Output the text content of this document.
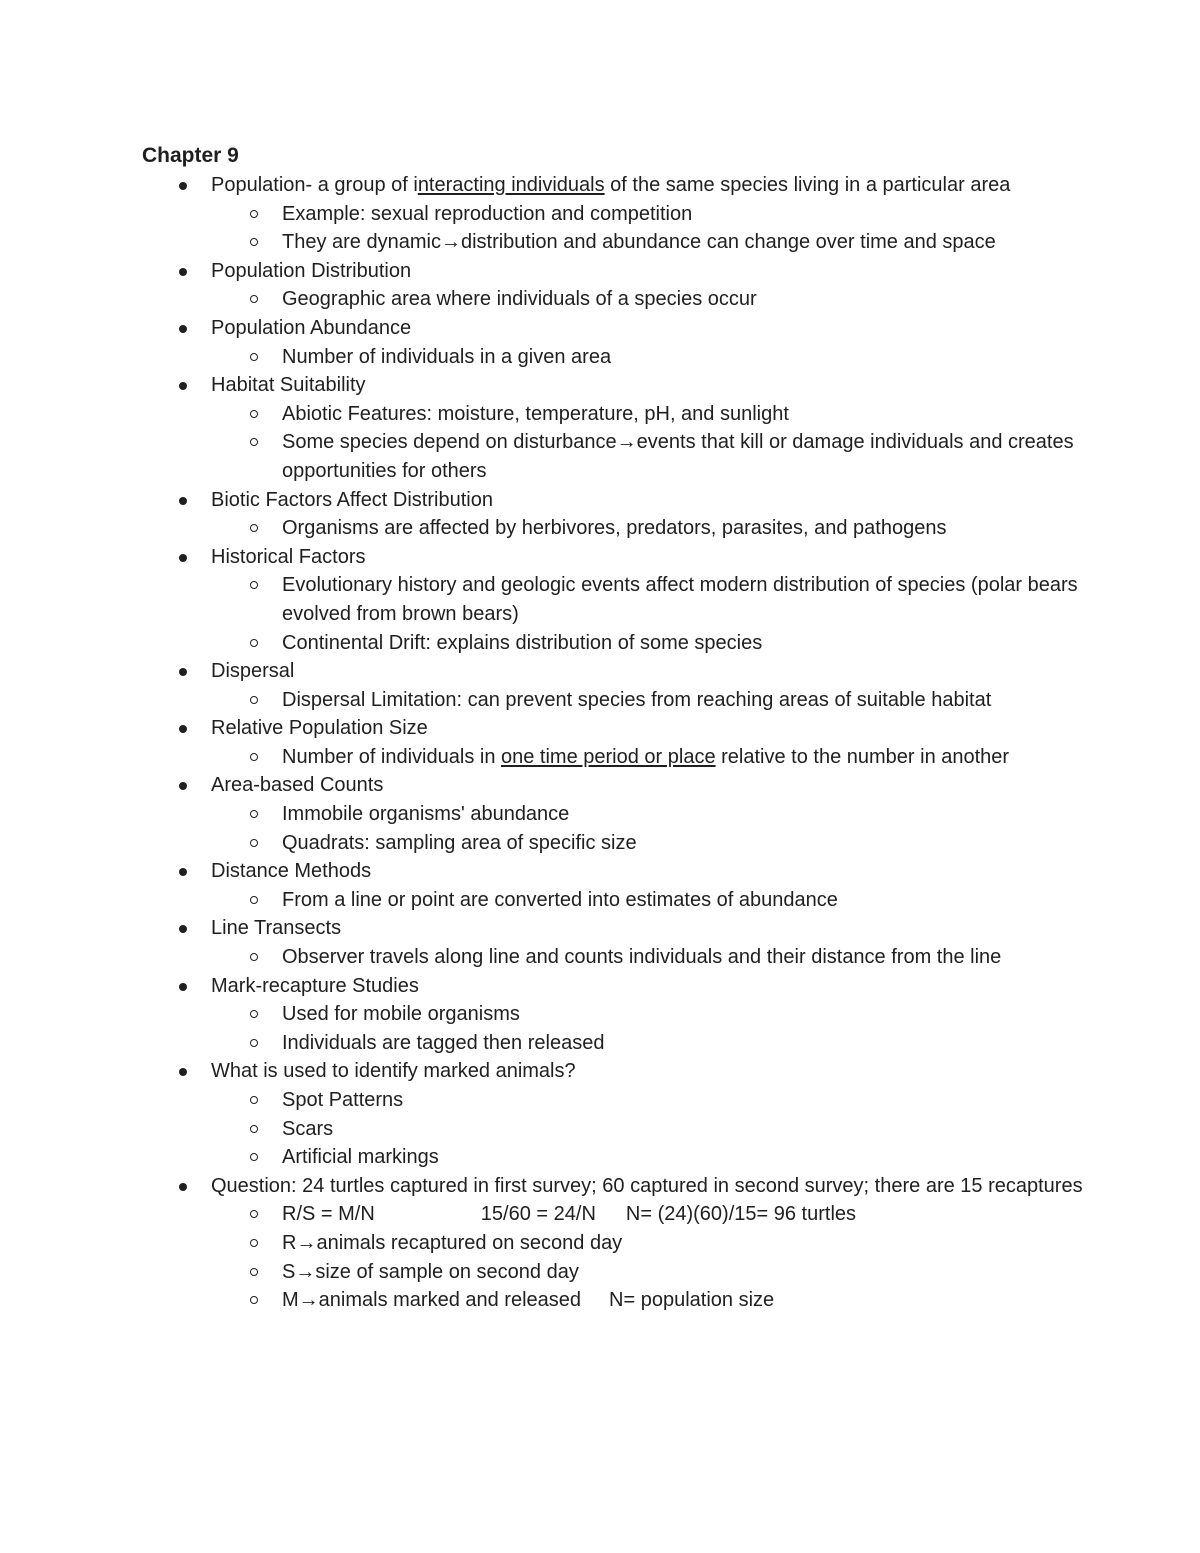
Chapter 9

Population- a group of interacting individuals of the same species living in a particular area
Example: sexual reproduction and competition
They are dynamic→distribution and abundance can change over time and space
Population Distribution
Geographic area where individuals of a species occur
Population Abundance
Number of individuals in a given area
Habitat Suitability
Abiotic Features: moisture, temperature, pH, and sunlight
Some species depend on disturbance→events that kill or damage individuals and creates opportunities for others
Biotic Factors Affect Distribution
Organisms are affected by herbivores, predators, parasites, and pathogens
Historical Factors
Evolutionary history and geologic events affect modern distribution of species (polar bears evolved from brown bears)
Continental Drift: explains distribution of some species
Dispersal
Dispersal Limitation: can prevent species from reaching areas of suitable habitat
Relative Population Size
Number of individuals in one time period or place relative to the number in another
Area-based Counts
Immobile organisms' abundance
Quadrats: sampling area of specific size
Distance Methods
From a line or point are converted into estimates of abundance
Line Transects
Observer travels along line and counts individuals and their distance from the line
Mark-recapture Studies
Used for mobile organisms
Individuals are tagged then released
What is used to identify marked animals?
Spot Patterns
Scars
Artificial markings
Question: 24 turtles captured in first survey; 60 captured in second survey; there are 15 recaptures
R/S = M/N	15/60 = 24/N N= (24)(60)/15= 96 turtles
R→animals recaptured on second day
S→size of sample on second day
M→animals marked and released N= population size
